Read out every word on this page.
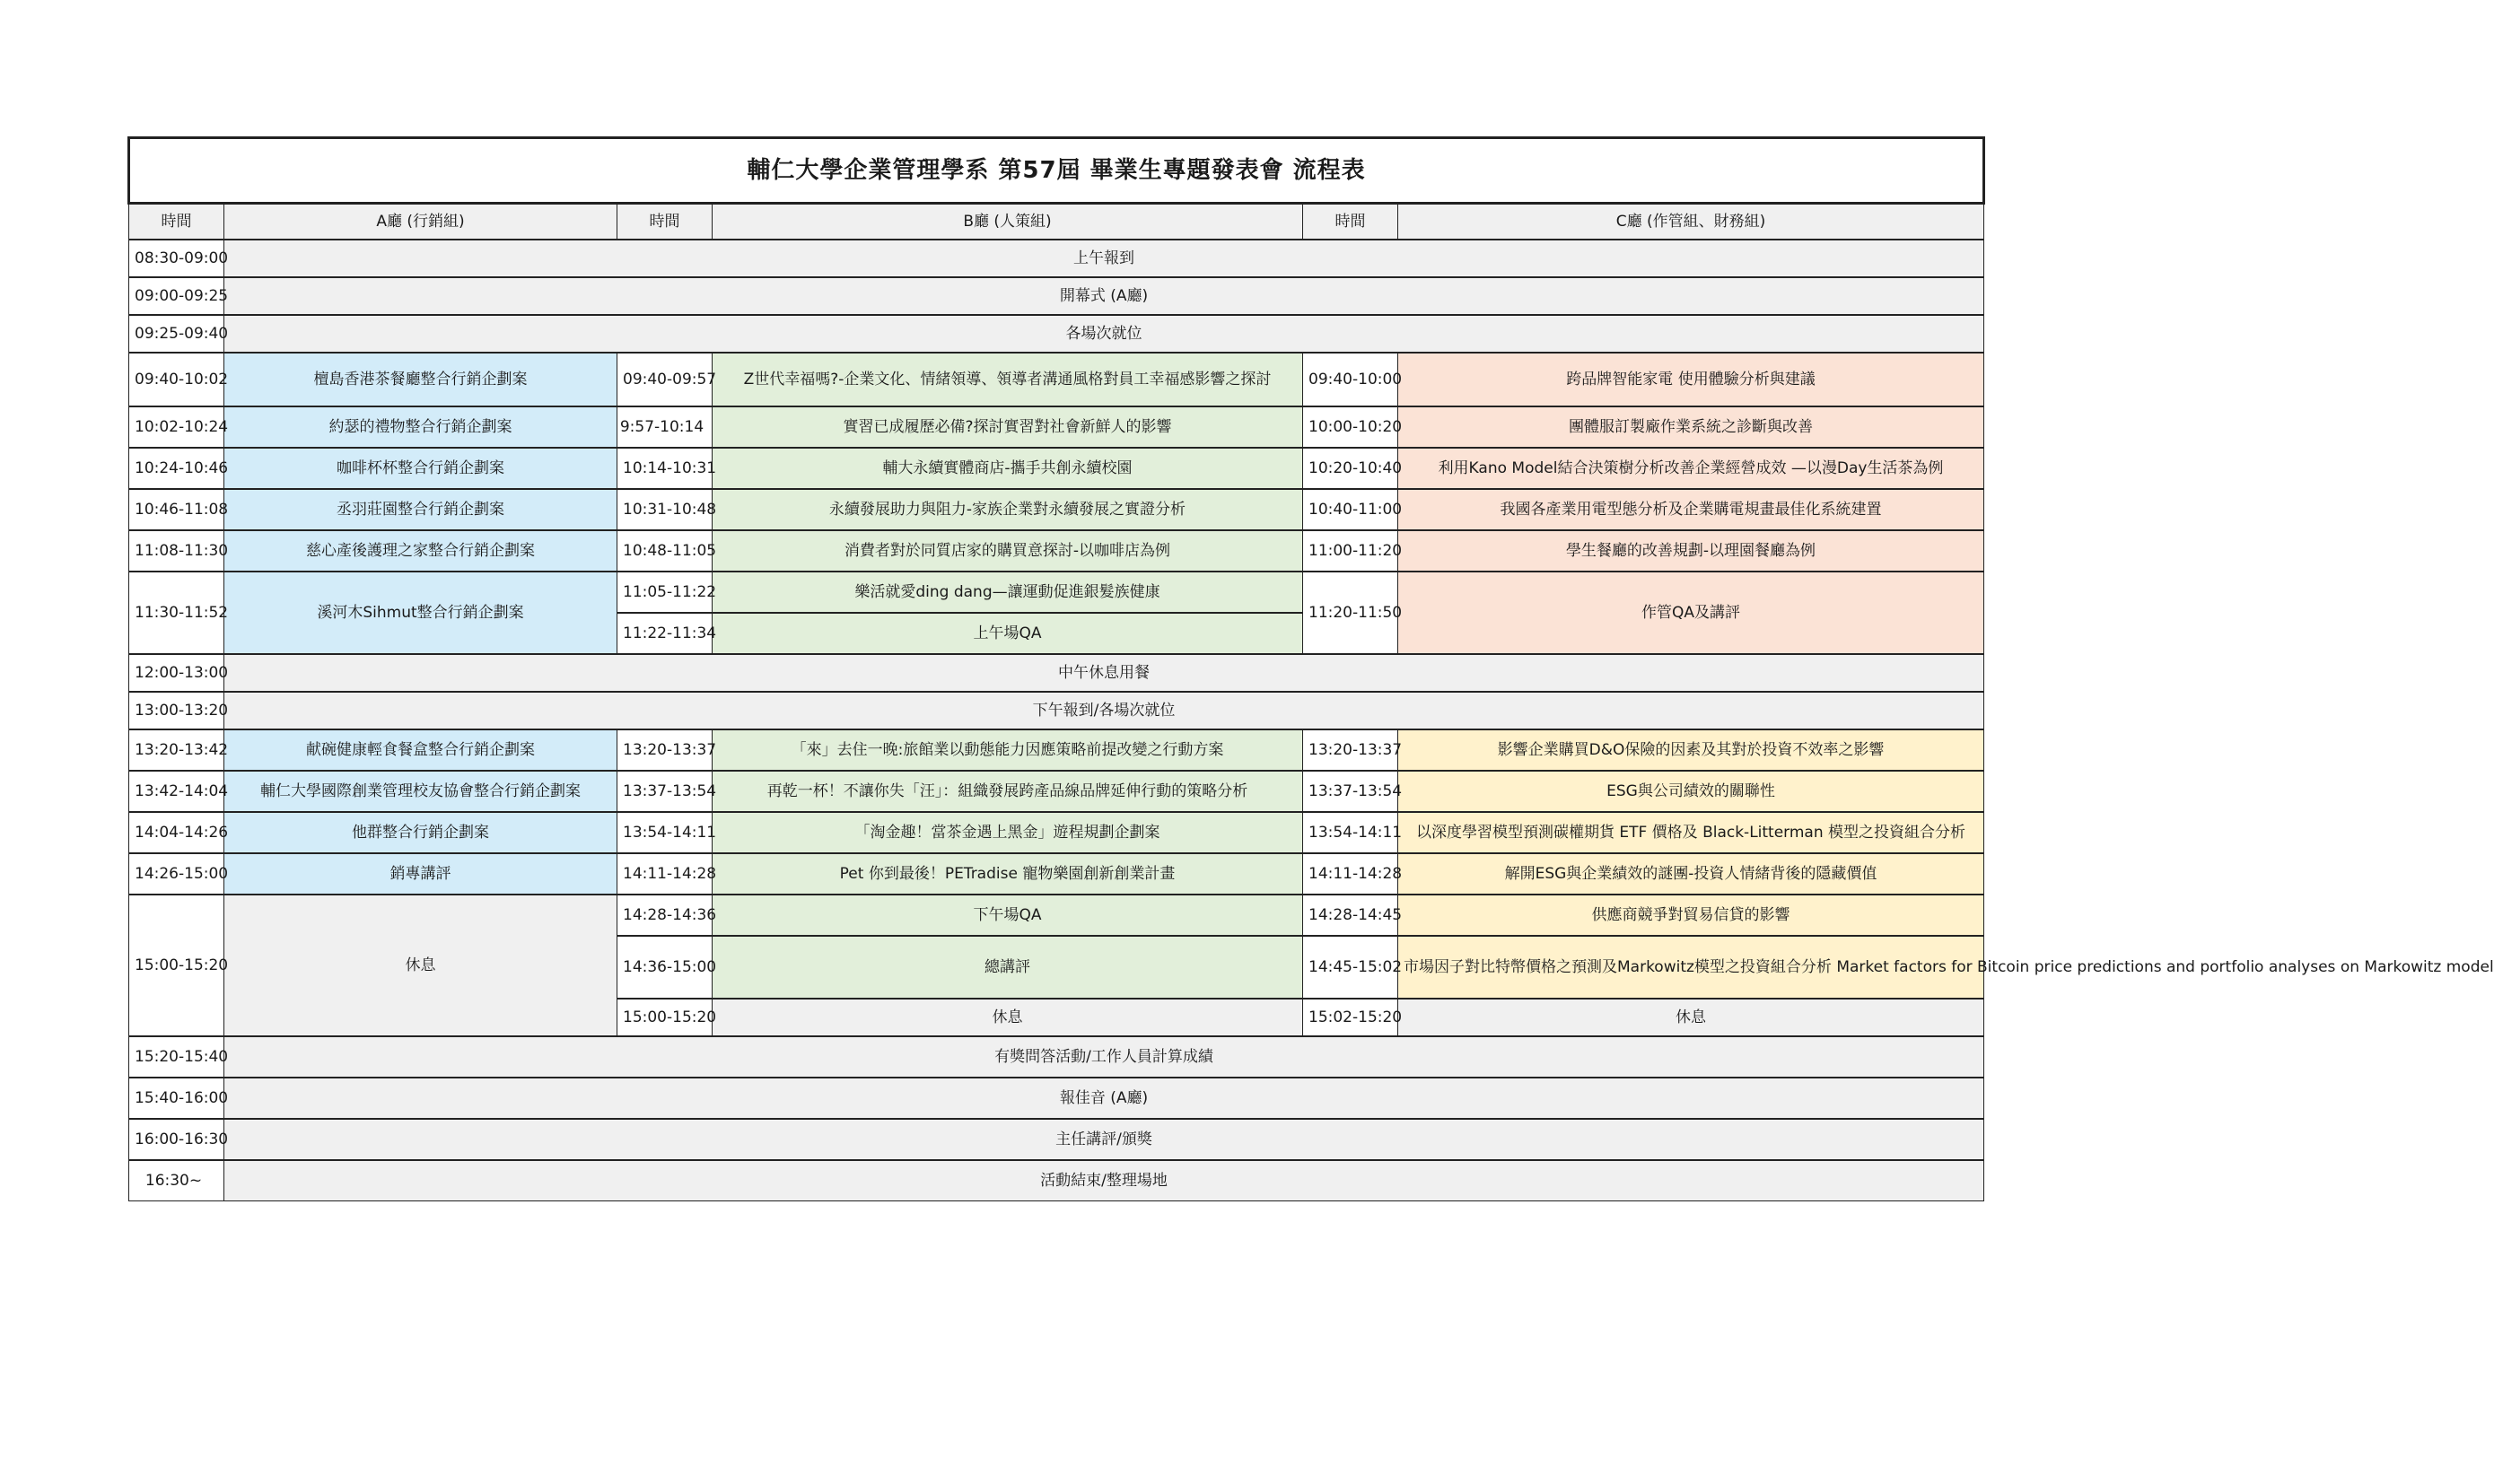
輔仁大學企業管理學系 第57屆 畢業生專題發表會 流程表					
時間	A廳 (行銷組)	時間	B廳 (人策組)	時間	C廳 (作管組、財務組)
08:30-09:00	上午報到				
09:00-09:25	開幕式 (A廳)				
09:25-09:40	各場次就位				
09:40-10:02	檀島香港茶餐廳整合行銷企劃案	09:40-09:57	Z世代幸福嗎?-企業文化、情緒領導、領導者溝通風格對員工幸福感影響之探討	09:40-10:00	跨品牌智能家電 使用體驗分析與建議
10:02-10:24	約瑟的禮物整合行銷企劃案	9:57-10:14	實習已成履歷必備?探討實習對社會新鮮人的影響	10:00-10:20	團體服訂製廠作業系統之診斷與改善
10:24-10:46	咖啡杯杯整合行銷企劃案	10:14-10:31	輔大永續實體商店-攜手共創永續校園	10:20-10:40	利用Kano Model結合決策樹分析改善企業經營成效 —以漫Day生活茶為例
10:46-11:08	丞羽莊園整合行銷企劃案	10:31-10:48	永續發展助力與阻力-家族企業對永續發展之實證分析	10:40-11:00	我國各產業用電型態分析及企業購電規畫最佳化系統建置
11:08-11:30	慈心產後護理之家整合行銷企劃案	10:48-11:05	消費者對於同質店家的購買意探討-以咖啡店為例	11:00-11:20	學生餐廳的改善規劃-以理園餐廳為例
11:30-11:52	溪河木Sihmut整合行銷企劃案	11:05-11:22	樂活就愛ding dang—讓運動促進銀髮族健康	11:20-11:50	作管QA及講評
		11:22-11:34	上午場QA		
12:00-13:00	中午休息用餐				
13:00-13:20	下午報到/各場次就位				
13:20-13:42	献碗健康輕食餐盒整合行銷企劃案	13:20-13:37	「來」去住一晚:旅館業以動態能力因應策略前提改變之行動方案	13:20-13:37	影響企業購買D&O保險的因素及其對於投資不效率之影響
13:42-14:04	輔仁大學國際創業管理校友協會整合行銷企劃案	13:37-13:54	再乾一杯！不讓你失「汪」：組織發展跨產品線品牌延伸行動的策略分析	13:37-13:54	ESG與公司績效的關聯性
14:04-14:26	他群整合行銷企劃案	13:54-14:11	「淘金趣！當茶金遇上黑金」遊程規劃企劃案	13:54-14:11	以深度學習模型預測碳權期貨 ETF 價格及 Black-Litterman 模型之投資組合分析
14:26-15:00	銷專講評	14:11-14:28	Pet 你到最後！PETradise 寵物樂園創新創業計畫	14:11-14:28	解開ESG與企業績效的謎團-投資人情緒背後的隱藏價值
15:00-15:20	休息	14:28-14:36	下午場QA	14:28-14:45	供應商競爭對貿易信貸的影響
		14:36-15:00	總講評	14:45-15:02	市場因子對比特幣價格之預測及Markowitz模型之投資組合分析 Market factors for Bitcoin price predictions and portfolio analyses on Markowitz model
		15:00-15:20	休息	15:02-15:20	休息
15:20-15:40	有獎問答活動/工作人員計算成績				
15:40-16:00	報佳音 (A廳)				
16:00-16:30	主任講評/頒獎				
16:30~	活動結束/整理場地				
